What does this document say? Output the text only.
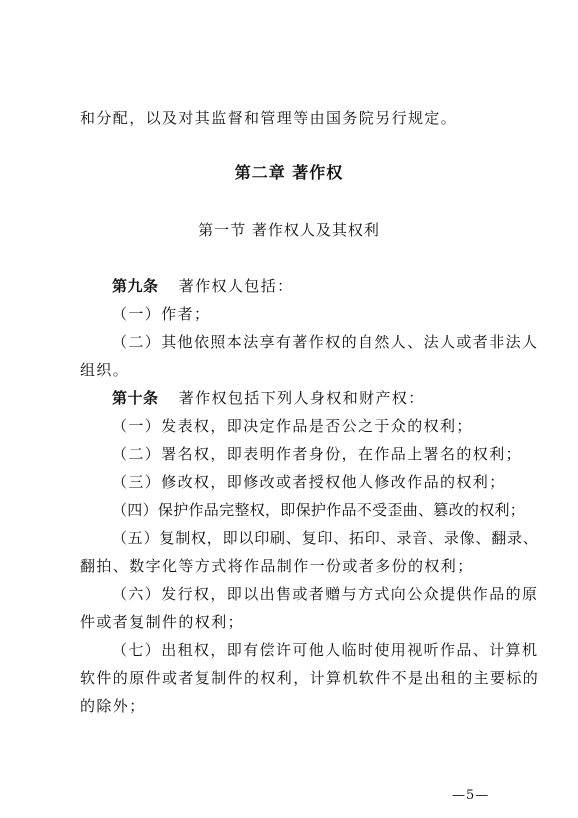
和分配，以及对其监督和管理等由国务院另行规定。
第二章 著作权
第一节 著作权人及其权利
第九条 著作权人包括：
（一）作者；
（二）其他依照本法享有著作权的自然人、法人或者非法人
组织。
第十条 著作权包括下列人身权和财产权：
（一）发表权，即决定作品是否公之于众的权利；
（二）署名权，即表明作者身份，在作品上署名的权利；
（三）修改权，即修改或者授权他人修改作品的权利；
（四）保护作品完整权，即保护作品不受歪曲、篡改的权利；
（五）复制权，即以印刷、复印、拓印、录音、录像、翻录、
翻拍、数字化等方式将作品制作一份或者多份的权利；
（六）发行权，即以出售或者赠与方式向公众提供作品的原
件或者复制件的权利；
（七）出租权，即有偿许可他人临时使用视听作品、计算机
软件的原件或者复制件的权利，计算机软件不是出租的主要标的
的除外；
—5—
